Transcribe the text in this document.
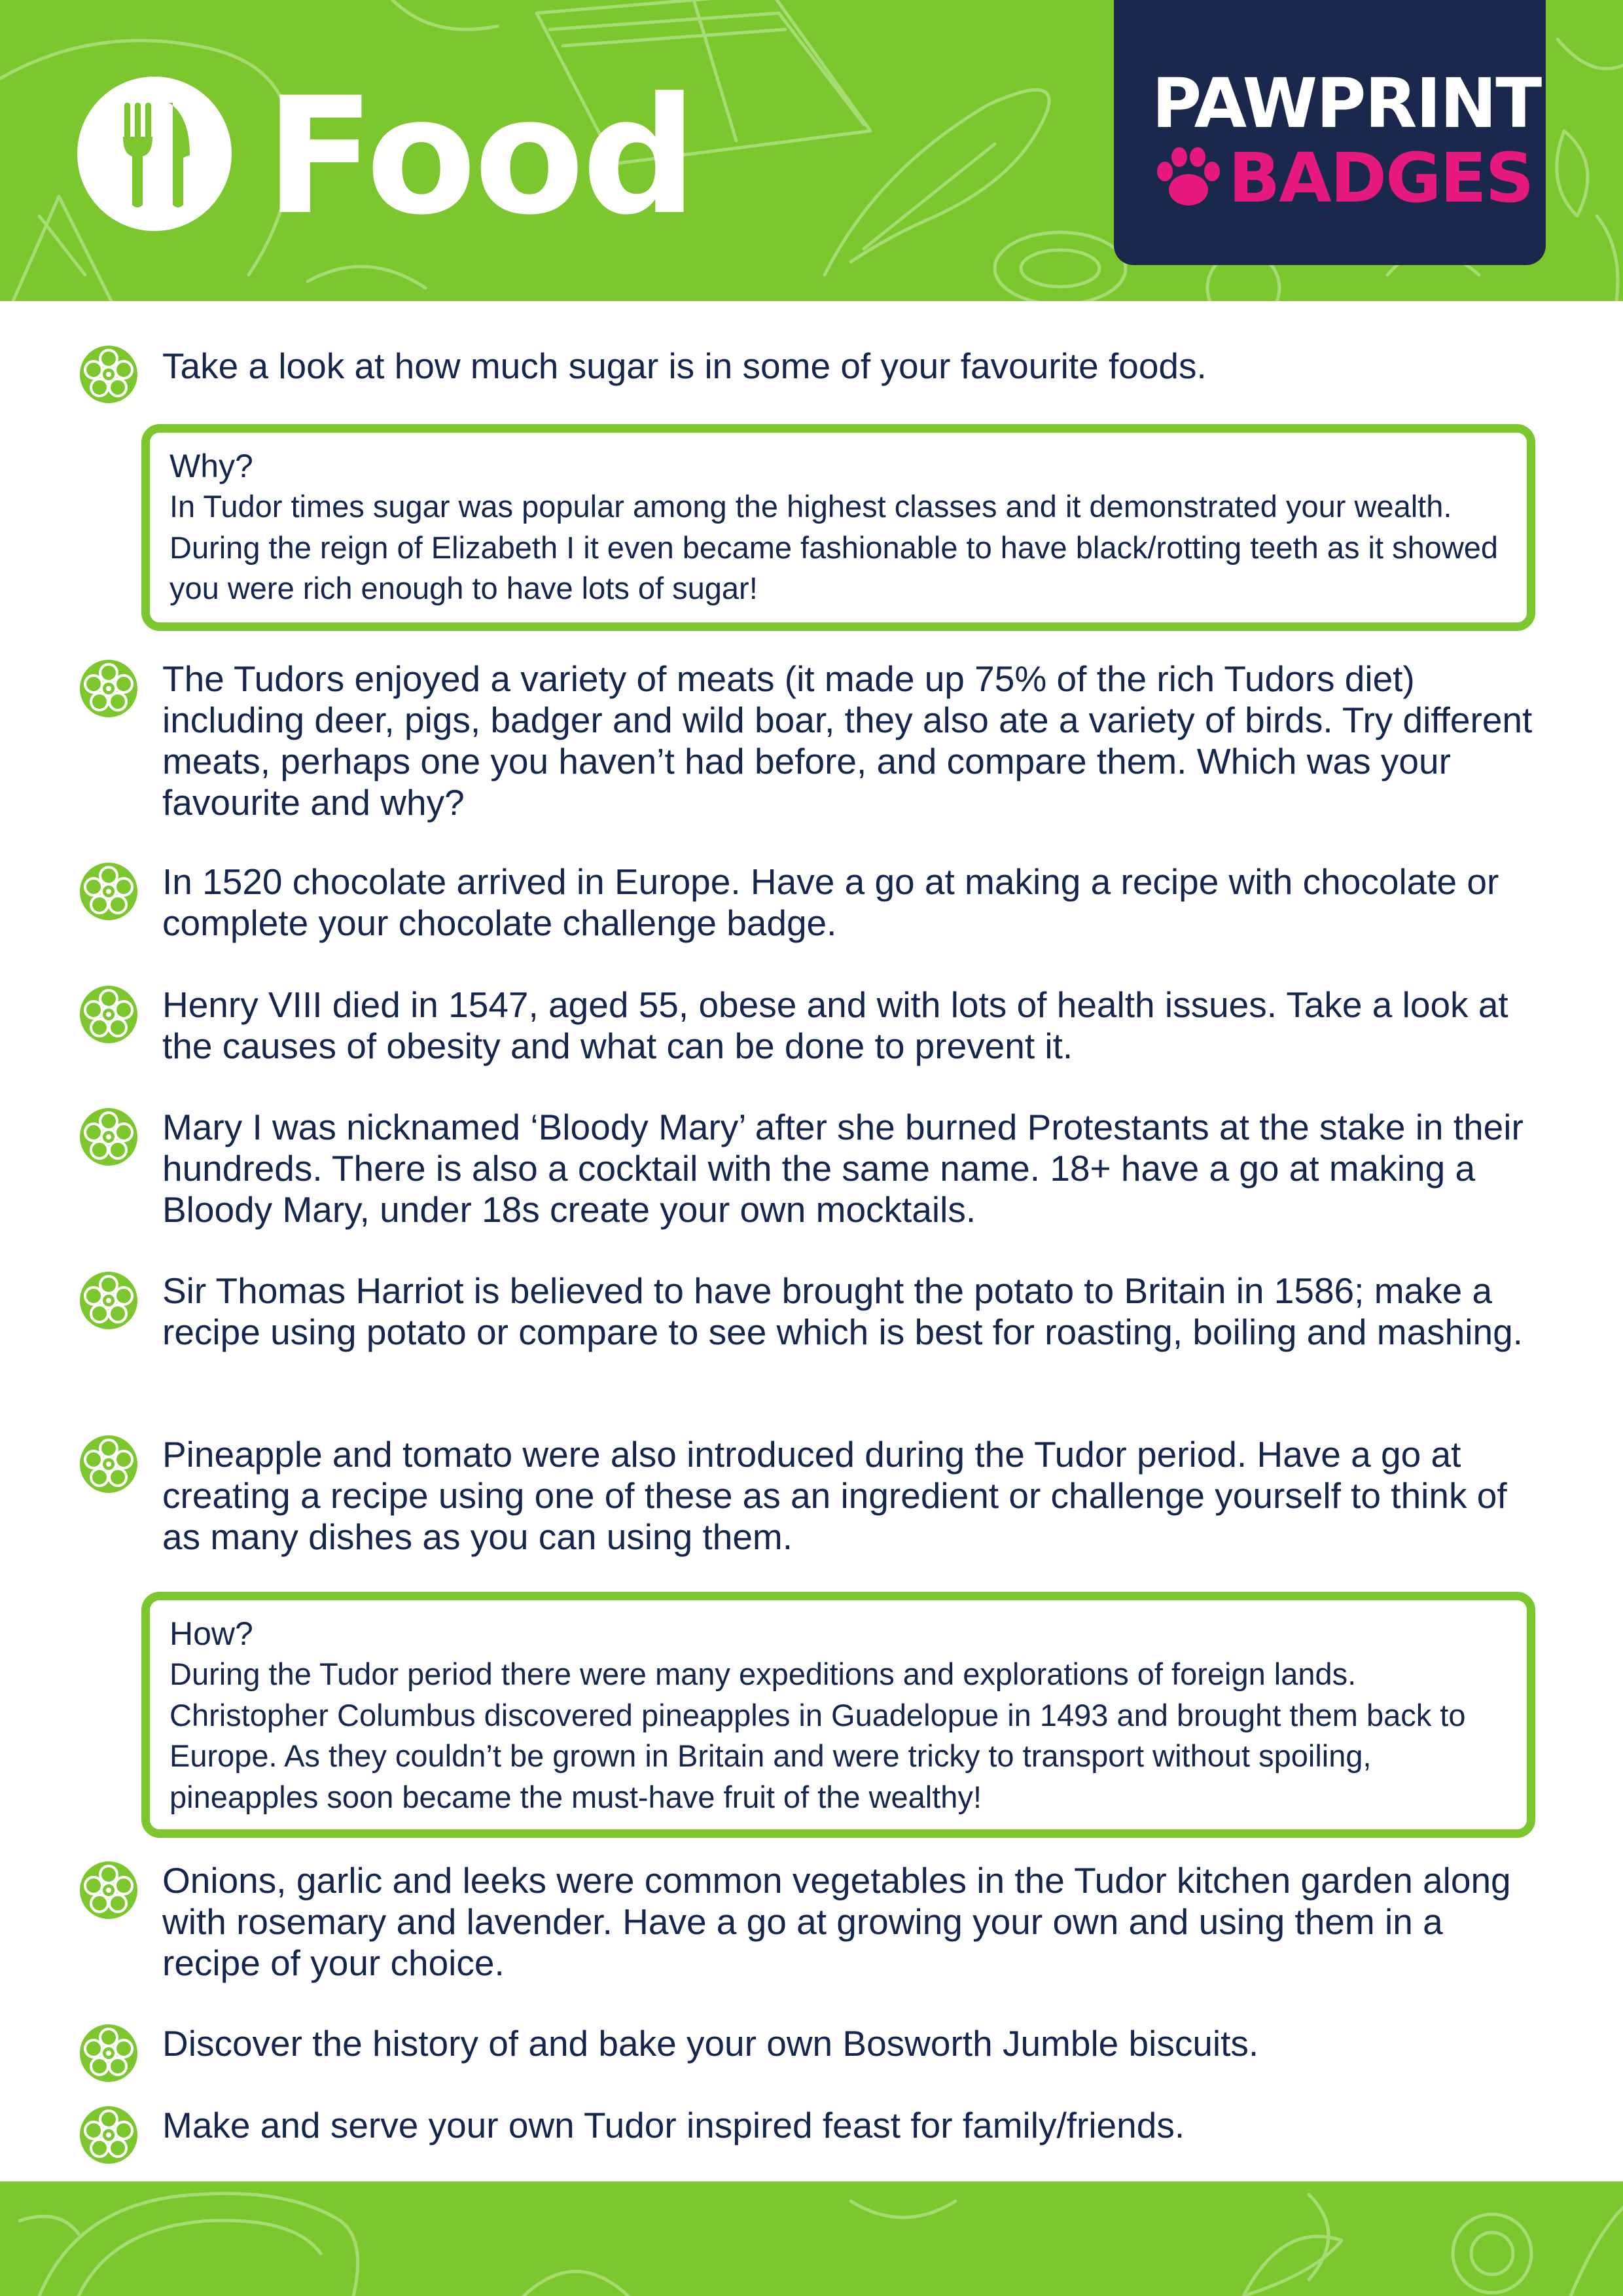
Food	PAWPRINT
BADGES
Take a look at how much sugar is in some of your favourite foods.
Why?
In Tudor times sugar was popular among the highest classes and it demonstrated your wealth. During the reign of Elizabeth I it even became fashionable to have black/rotting teeth as it showed you were rich enough to have lots of sugar!
The Tudors enjoyed a variety of meats (it made up 75% of the rich Tudors diet) including deer, pigs, badger and wild boar, they also ate a variety of birds. Try different meats, perhaps one you haven’t had before, and compare them. Which was your favourite and why?
In 1520 chocolate arrived in Europe. Have a go at making a recipe with chocolate or complete your chocolate challenge badge.
Henry VIII died in 1547, aged 55, obese and with lots of health issues. Take a look at the causes of obesity and what can be done to prevent it.
Mary I was nicknamed ‘Bloody Mary’ after she burned Protestants at the stake in their hundreds. There is also a cocktail with the same name. 18+ have a go at making a Bloody Mary, under 18s create your own mocktails.
Sir Thomas Harriot is believed to have brought the potato to Britain in 1586; make a recipe using potato or compare to see which is best for roasting, boiling and mashing.
Pineapple and tomato were also introduced during the Tudor period. Have a go at creating a recipe using one of these as an ingredient or challenge yourself to think of as many dishes as you can using them.
How?
During the Tudor period there were many expeditions and explorations of foreign lands. Christopher Columbus discovered pineapples in Guadelopue in 1493 and brought them back to Europe. As they couldn’t be grown in Britain and were tricky to transport without spoiling, pineapples soon became the must-have fruit of the wealthy!
Onions, garlic and leeks were common vegetables in the Tudor kitchen garden along with rosemary and lavender. Have a go at growing your own and using them in a recipe of your choice.
Discover the history of and bake your own Bosworth Jumble biscuits.
Make and serve your own Tudor inspired feast for family/friends.
